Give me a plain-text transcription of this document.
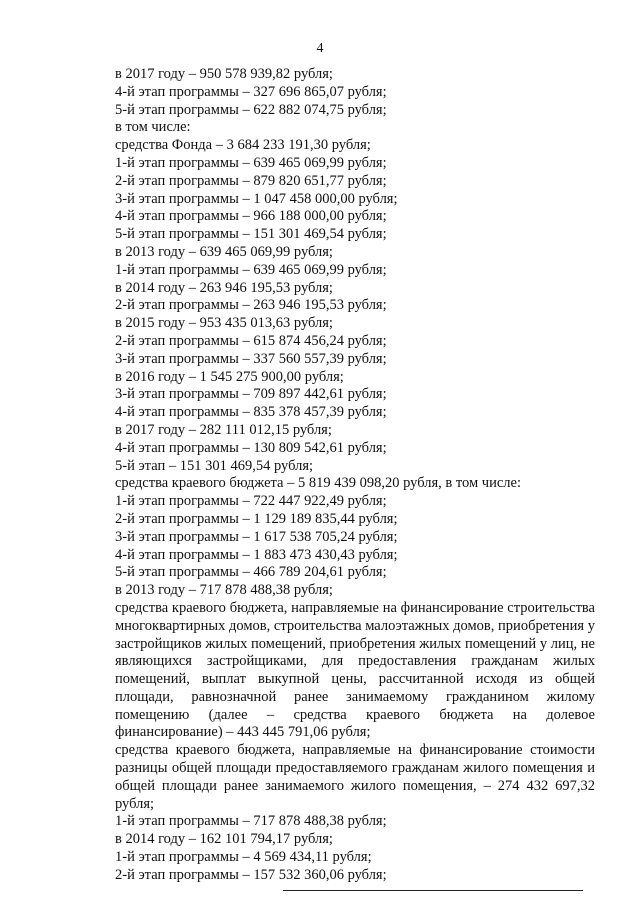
4
в 2017 году – 950 578 939,82 рубля;
4-й этап программы – 327 696 865,07 рубля;
5-й этап программы – 622 882 074,75 рубля;
в том числе:
средства Фонда – 3 684 233 191,30 рубля;
1-й этап программы – 639 465 069,99 рубля;
2-й этап программы – 879 820 651,77 рубля;
3-й этап программы – 1 047 458 000,00 рубля;
4-й этап программы – 966 188 000,00 рубля;
5-й этап программы – 151 301 469,54 рубля;
в 2013 году – 639 465 069,99 рубля;
1-й этап программы – 639 465 069,99 рубля;
в 2014 году – 263 946 195,53 рубля;
2-й этап программы – 263 946 195,53 рубля;
в 2015 году – 953 435 013,63 рубля;
2-й этап программы – 615 874 456,24 рубля;
3-й этап программы – 337 560 557,39 рубля;
в 2016 году – 1 545 275 900,00 рубля;
3-й этап программы – 709 897 442,61 рубля;
4-й этап программы – 835 378 457,39 рубля;
в 2017 году – 282 111 012,15 рубля;
4-й этап программы – 130 809 542,61 рубля;
5-й этап – 151 301 469,54 рубля;
средства краевого бюджета – 5 819 439 098,20 рубля, в том числе:
1-й этап программы – 722 447 922,49 рубля;
2-й этап программы – 1 129 189 835,44 рубля;
3-й этап программы – 1 617 538 705,24 рубля;
4-й этап программы – 1 883 473 430,43 рубля;
5-й этап программы – 466 789 204,61 рубля;
в 2013 году – 717 878 488,38 рубля;

средства краевого бюджета, направляемые на финансирование строительства многоквартирных домов, строительства малоэтажных домов, приобретения у застройщиков жилых помещений, приобретения жилых помещений у лиц, не являющихся застройщиками, для предоставления гражданам жилых помещений, выплат выкупной цены, рассчитанной исходя из общей площади, равнозначной ранее занимаемому гражданином жилому помещению (далее – средства краевого бюджета на долевое финансирование) – 443 445 791,06 рубля;

средства краевого бюджета, направляемые на финансирование стоимости разницы общей площади предоставляемого гражданам жилого помещения и общей площади ранее занимаемого жилого помещения, – 274 432 697,32 рубля;

1-й этап программы – 717 878 488,38 рубля;
в 2014 году – 162 101 794,17 рубля;
1-й этап программы – 4 569 434,11 рубля;
2-й этап программы – 157 532 360,06 рубля;
